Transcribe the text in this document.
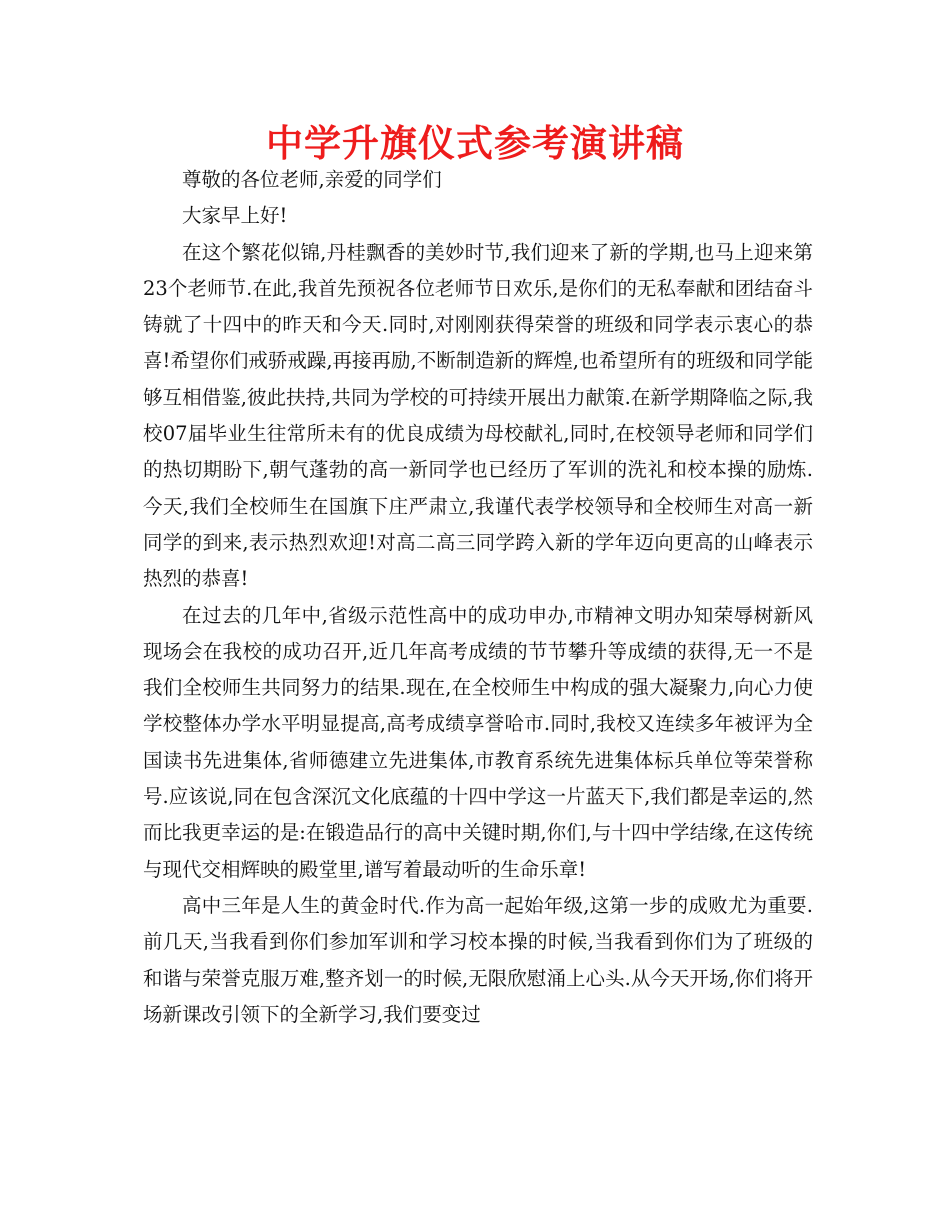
中学升旗仪式参考演讲稿

尊敬的各位老师,亲爱的同学们

大家早上好!

在这个繁花似锦,丹桂飘香的美妙时节,我们迎来了新的学期,也马上迎来第23个老师节.在此,我首先预祝各位老师节日欢乐,是你们的无私奉献和团结奋斗铸就了十四中的昨天和今天.同时,对刚刚获得荣誉的班级和同学表示衷心的恭喜!希望你们戒骄戒躁,再接再励,不断制造新的辉煌,也希望所有的班级和同学能够互相借鉴,彼此扶持,共同为学校的可持续开展出力献策.在新学期降临之际,我校07届毕业生往常所未有的优良成绩为母校献礼,同时,在校领导老师和同学们的热切期盼下,朝气蓬勃的高一新同学也已经历了军训的洗礼和校本操的励炼.今天,我们全校师生在国旗下庄严肃立,我谨代表学校领导和全校师生对高一新同学的到来,表示热烈欢迎!对高二高三同学跨入新的学年迈向更高的山峰表示热烈的恭喜!

在过去的几年中,省级示范性高中的成功申办,市精神文明办知荣辱树新风现场会在我校的成功召开,近几年高考成绩的节节攀升等成绩的获得,无一不是我们全校师生共同努力的结果.现在,在全校师生中构成的强大凝聚力,向心力使学校整体办学水平明显提高,高考成绩享誉哈市.同时,我校又连续多年被评为全国读书先进集体,省师德建立先进集体,市教育系统先进集体标兵单位等荣誉称号.应该说,同在包含深沉文化底蕴的十四中学这一片蓝天下,我们都是幸运的,然而比我更幸运的是:在锻造品行的高中关键时期,你们,与十四中学结缘,在这传统与现代交相辉映的殿堂里,谱写着最动听的生命乐章!

高中三年是人生的黄金时代.作为高一起始年级,这第一步的成败尤为重要.前几天,当我看到你们参加军训和学习校本操的时候,当我看到你们为了班级的和谐与荣誉克服万难,整齐划一的时候,无限欣慰涌上心头.从今天开场,你们将开场新课改引领下的全新学习,我们要变过
